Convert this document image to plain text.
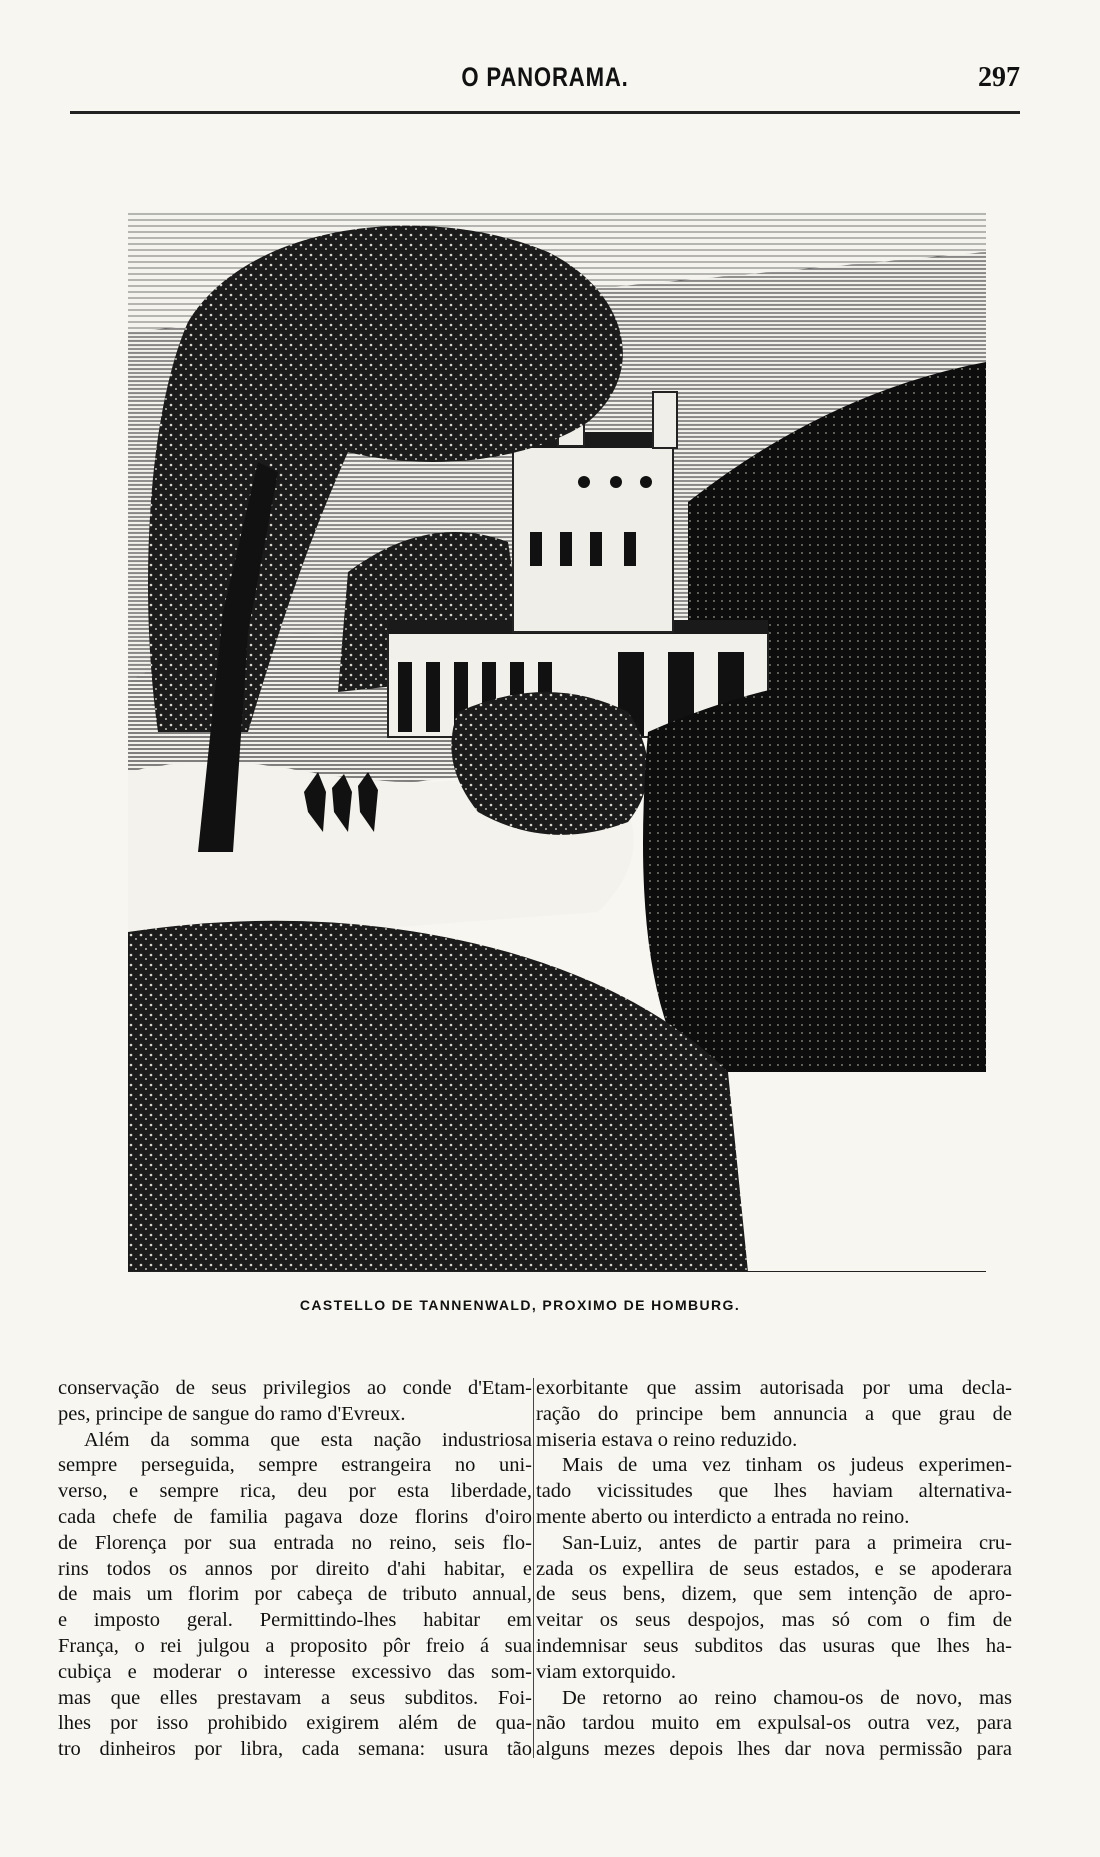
O PANORAMA.	297
CASTELLO DE TANNENWALD, PROXIMO DE HOMBURG.
conservação de seus privilegios ao conde d'Etam-
pes, principe de sangue do ramo d'Evreux.
Além da somma que esta nação industriosa
sempre perseguida, sempre estrangeira no uni-
verso, e sempre rica, deu por esta liberdade,
cada chefe de familia pagava doze florins d'oiro
de Florença por sua entrada no reino, seis flo-
rins todos os annos por direito d'ahi habitar, e
de mais um florim por cabeça de tributo annual,
e imposto geral. Permittindo-lhes habitar em
França, o rei julgou a proposito pôr freio á sua
cubiça e moderar o interesse excessivo das som-
mas que elles prestavam a seus subditos. Foi-
lhes por isso prohibido exigirem além de qua-
tro dinheiros por libra, cada semana: usura tão
exorbitante que assim autorisada por uma decla-
ração do principe bem annuncia a que grau de
miseria estava o reino reduzido.
Mais de uma vez tinham os judeus experimen-
tado vicissitudes que lhes haviam alternativa-
mente aberto ou interdicto a entrada no reino.
San-Luiz, antes de partir para a primeira cru-
zada os expellira de seus estados, e se apoderara
de seus bens, dizem, que sem intenção de apro-
veitar os seus despojos, mas só com o fim de
indemnisar seus subditos das usuras que lhes ha-
viam extorquido.
De retorno ao reino chamou-os de novo, mas
não tardou muito em expulsal-os outra vez, para
alguns mezes depois lhes dar nova permissão para
